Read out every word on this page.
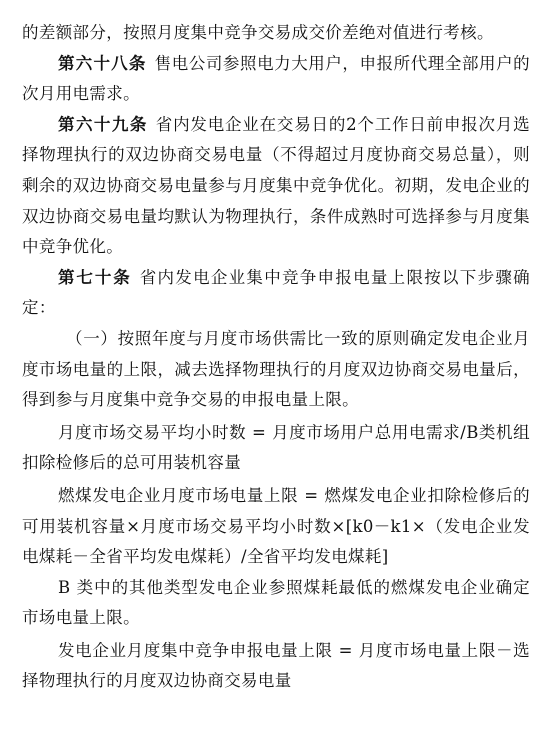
的差额部分，按照月度集中竞争交易成交价差绝对值进行考核。

第六十八条 售电公司参照电力大用户，申报所代理全部用户的次月用电需求。

第六十九条 省内发电企业在交易日的2个工作日前申报次月选择物理执行的双边协商交易电量（不得超过月度协商交易总量），则剩余的双边协商交易电量参与月度集中竞争优化。初期，发电企业的双边协商交易电量均默认为物理执行，条件成熟时可选择参与月度集中竞争优化。

第七十条 省内发电企业集中竞争申报电量上限按以下步骤确定：

（一）按照年度与月度市场供需比一致的原则确定发电企业月度市场电量的上限，减去选择物理执行的月度双边协商交易电量后，得到参与月度集中竞争交易的申报电量上限。

月度市场交易平均小时数 = 月度市场用户总用电需求/B类机组扣除检修后的总可用装机容量

燃煤发电企业月度市场电量上限 = 燃煤发电企业扣除检修后的可用装机容量×月度市场交易平均小时数×[k0－k1×（发电企业发电煤耗－全省平均发电煤耗）/全省平均发电煤耗]

B 类中的其他类型发电企业参照煤耗最低的燃煤发电企业确定市场电量上限。

发电企业月度集中竞争申报电量上限 = 月度市场电量上限－选择物理执行的月度双边协商交易电量
